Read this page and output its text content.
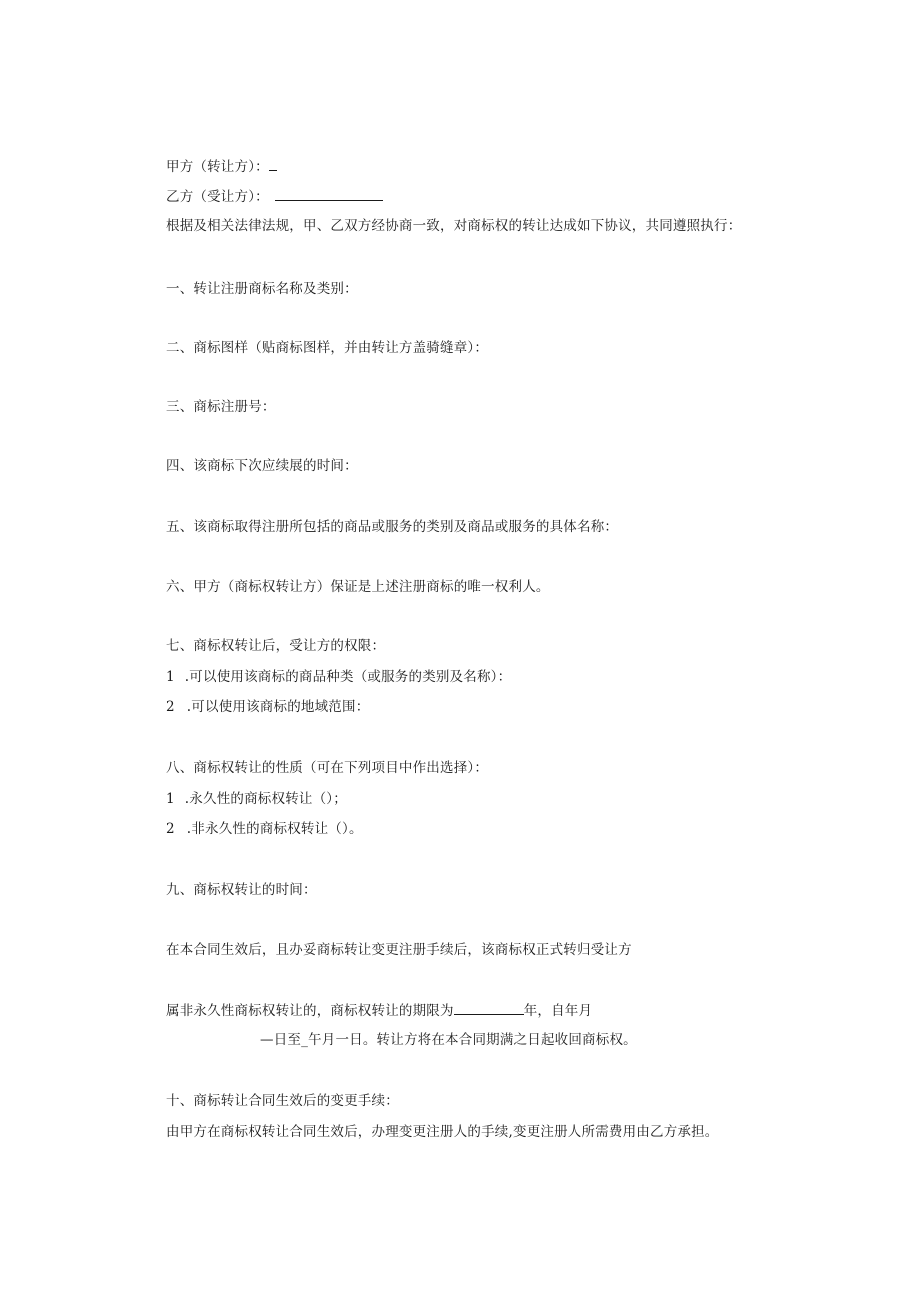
甲方（转让方）：
乙方（受让方）：
根据及相关法律法规，甲、乙双方经协商一致，对商标权的转让达成如下协议，共同遵照执行：
一、转让注册商标名称及类别：
二、商标图样（贴商标图样，并由转让方盖骑缝章）：
三、商标注册号：
四、该商标下次应续展的时间：
五、该商标取得注册所包括的商品或服务的类别及商品或服务的具体名称：
六、甲方（商标权转让方）保证是上述注册商标的唯一权利人。
七、商标权转让后，受让方的权限：
1 .可以使用该商标的商品种类（或服务的类别及名称）：
2 .可以使用该商标的地域范围：
八、商标权转让的性质（可在下列项目中作出选择）：
1 .永久性的商标权转让（）；
2 .非永久性的商标权转让（）。
九、商标权转让的时间：
在本合同生效后，且办妥商标转让变更注册手续后，该商标权正式转归受让方
属非永久性商标权转让的，商标权转让的期限为	年，自年月
—日至_午月一日。转让方将在本合同期满之日起收回商标权。
十、商标转让合同生效后的变更手续：
由甲方在商标权转让合同生效后，办理变更注册人的手续,变更注册人所需费用由乙方承担。
